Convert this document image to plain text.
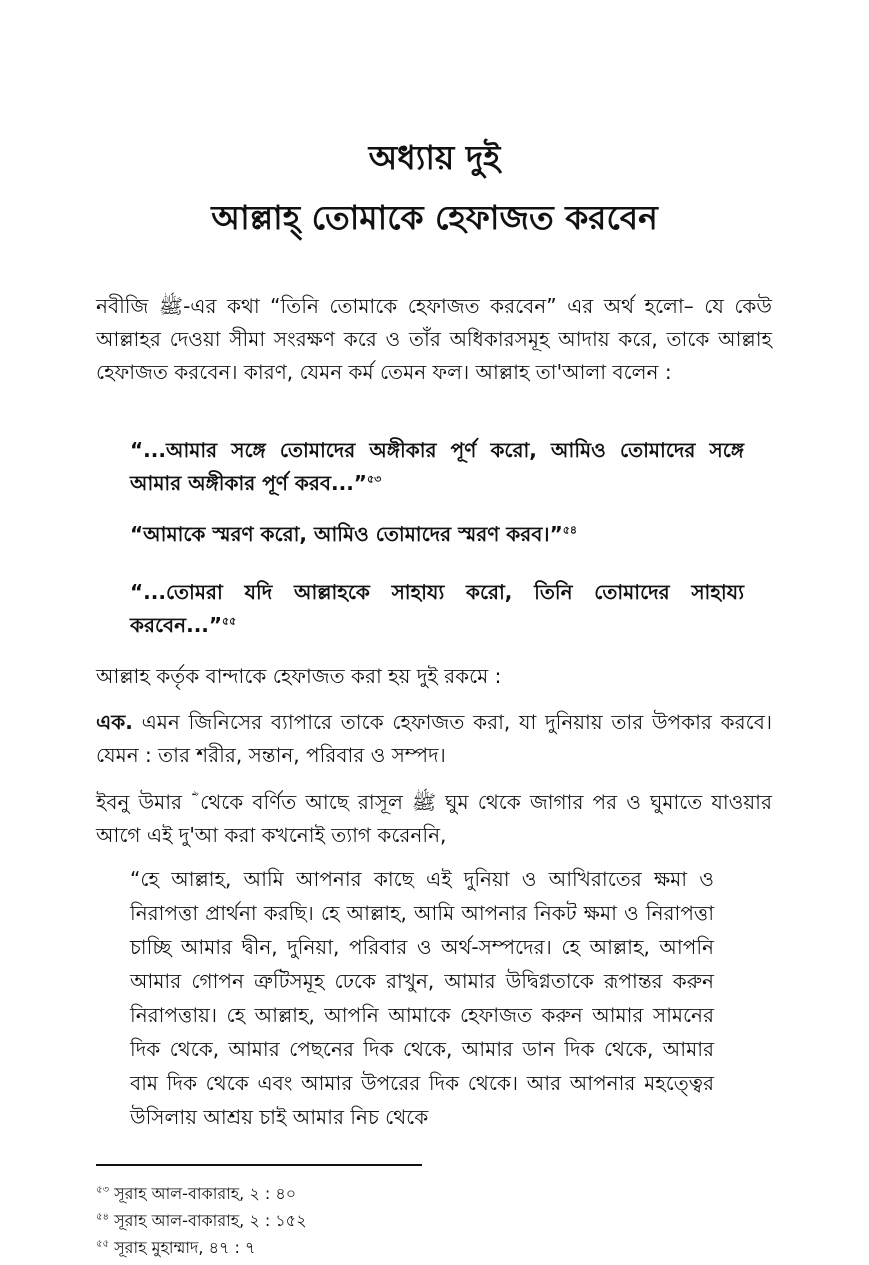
অধ্যায় দুই
আল্লাহ্ তোমাকে হেফাজত করবেন
নবীজি ﷺ-এর কথা “তিনি তোমাকে হেফাজত করবেন” এর অর্থ হলো– যে কেউ আল্লাহর দেওয়া সীমা সংরক্ষণ করে ও তাঁর অধিকারসমূহ আদায় করে, তাকে আল্লাহ হেফাজত করবেন। কারণ, যেমন কর্ম তেমন ফল। আল্লাহ তা'আলা বলেন :
“...আমার সঙ্গে তোমাদের অঙ্গীকার পূর্ণ করো, আমিও তোমাদের সঙ্গে আমার অঙ্গীকার পূর্ণ করব...”$^{৫৩}$
“আমাকে স্মরণ করো, আমিও তোমাদের স্মরণ করব।”$^{৫৪}$
“...তোমরা যদি আল্লাহকে সাহায্য করো, তিনি তোমাদের সাহায্য করবেন...”$^{৫৫}$
আল্লাহ কর্তৃক বান্দাকে হেফাজত করা হয় দুই রকমে :
এক. এমন জিনিসের ব্যাপারে তাকে হেফাজত করা, যা দুনিয়ায় তার উপকার করবে। যেমন : তার শরীর, সন্তান, পরিবার ও সম্পদ।
ইবনু উমার ؓ থেকে বর্ণিত আছে রাসূল ﷺ ঘুম থেকে জাগার পর ও ঘুমাতে যাওয়ার আগে এই দু'আ করা কখনোই ত্যাগ করেননি,
“হে আল্লাহ, আমি আপনার কাছে এই দুনিয়া ও আখিরাতের ক্ষমা ও নিরাপত্তা প্রার্থনা করছি। হে আল্লাহ, আমি আপনার নিকট ক্ষমা ও নিরাপত্তা চাচ্ছি আমার দ্বীন, দুনিয়া, পরিবার ও অর্থ-সম্পদের। হে আল্লাহ, আপনি আমার গোপন ত্রুটিসমূহ ঢেকে রাখুন, আমার উদ্বিগ্নতাকে রূপান্তর করুন নিরাপত্তায়। হে আল্লাহ, আপনি আমাকে হেফাজত করুন আমার সামনের দিক থেকে, আমার পেছনের দিক থেকে, আমার ডান দিক থেকে, আমার বাম দিক থেকে এবং আমার উপরের দিক থেকে। আর আপনার মহত্ত্বের উসিলায় আশ্রয় চাই আমার নিচ থেকে
$^{৫৩}$ সূরাহ আল-বাকারাহ, ২ : ৪০
$^{৫৪}$ সূরাহ আল-বাকারাহ, ২ : ১৫২
$^{৫৫}$ সূরাহ মুহাম্মাদ, ৪৭ : ৭
